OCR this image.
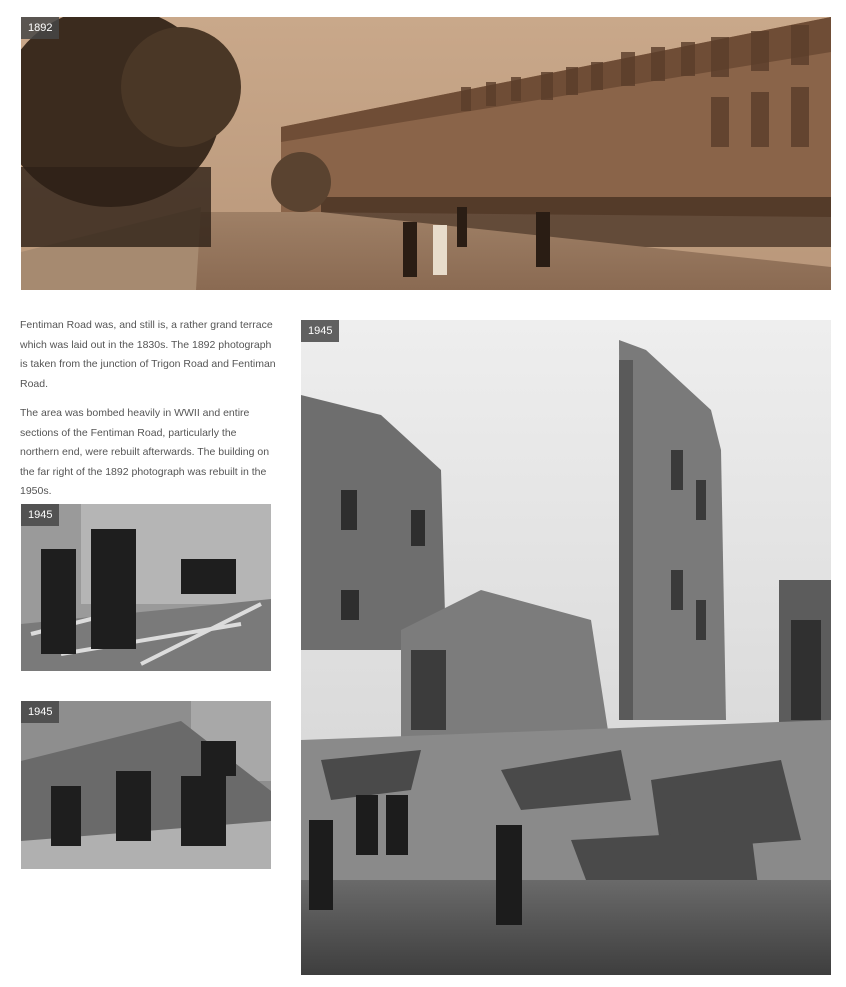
1892

Fentiman Road was, and still is, a rather grand terrace which was laid out in the 1830s. The 1892 photograph is taken from the junction of Trigon Road and Fentiman Road.

The area was bombed heavily in WWII and entire sections of the Fentiman Road, particularly the northern end, were rebuilt afterwards. The building on the far right of the 1892 photograph was rebuilt in the 1950s.

1945
1945
1945
